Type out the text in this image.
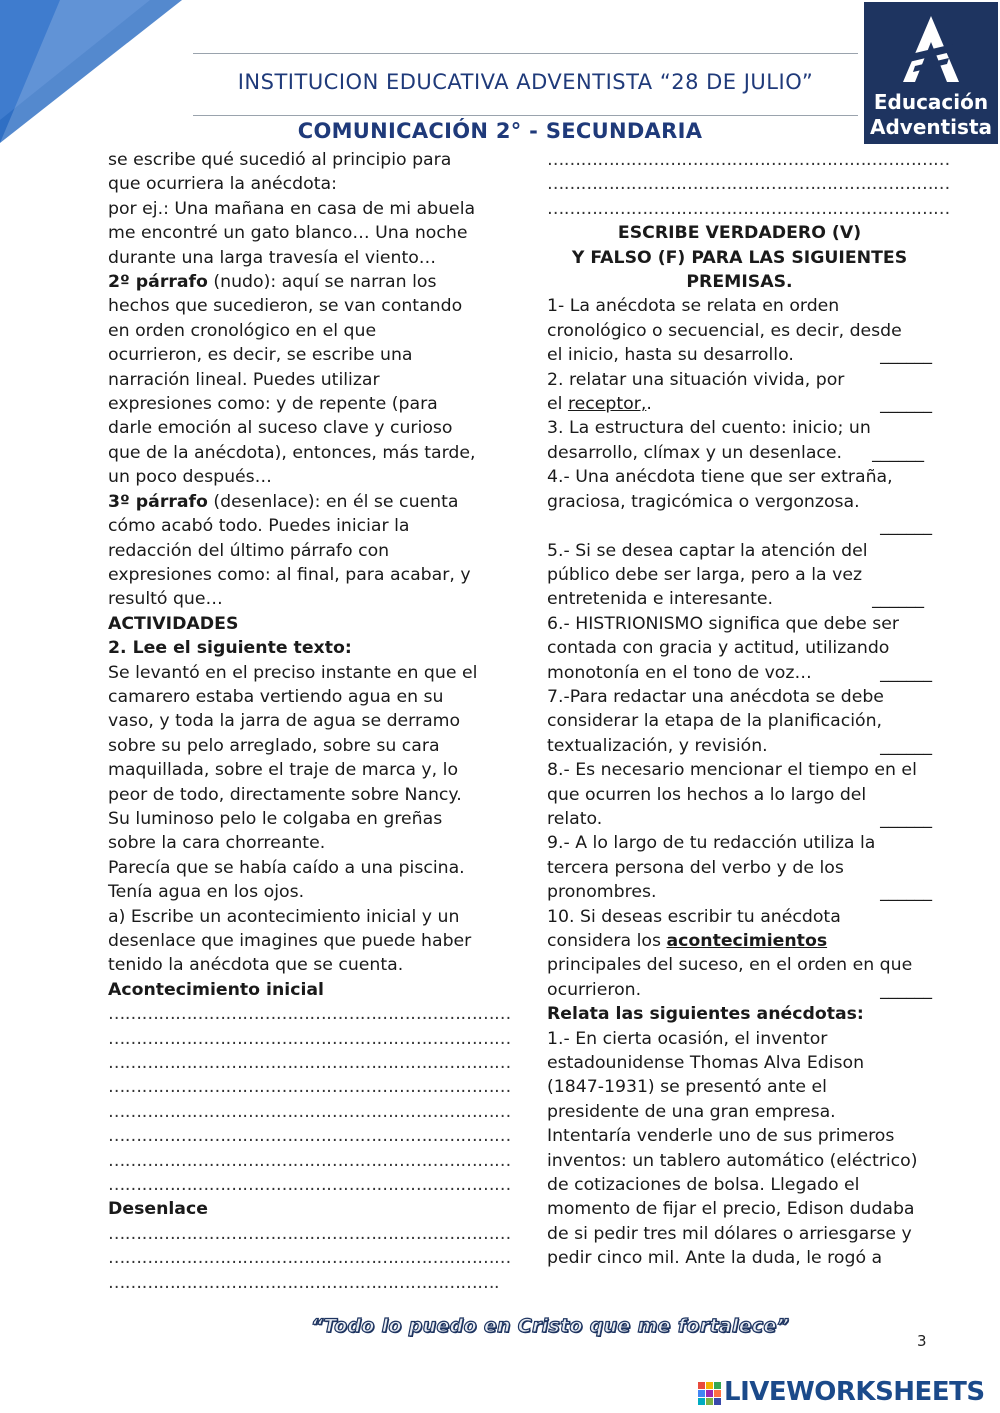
INSTITUCION EDUCATIVA ADVENTISTA “28 DE JULIO”
COMUNICACIÓN 2° - SECUNDARIA
Educación
Adventista

se escribe qué sucedió al principio para

que ocurriera la anécdota:

por ej.: Una mañana en casa de mi abuela

me encontré un gato blanco… Una noche

durante una larga travesía el viento…

2º párrafo (nudo): aquí se narran los

hechos que sucedieron, se van contando

en orden cronológico en el que

ocurrieron, es decir, se escribe una

narración lineal. Puedes utilizar

expresiones como: y de repente (para

darle emoción al suceso clave y curioso

que de la anécdota), entonces, más tarde,

un poco después…

3º párrafo (desenlace): en él se cuenta

cómo acabó todo. Puedes iniciar la

redacción del último párrafo con

expresiones como: al final, para acabar, y

resultó que…

ACTIVIDADES

2. Lee el siguiente texto:

Se levantó en el preciso instante en que el

camarero estaba vertiendo agua en su

vaso, y toda la jarra de agua se derramo

sobre su pelo arreglado, sobre su cara

maquillada, sobre el traje de marca y, lo

peor de todo, directamente sobre Nancy.

Su luminoso pelo le colgaba en greñas

sobre la cara chorreante.

Parecía que se había caído a una piscina.

Tenía agua en los ojos.

a) Escribe un acontecimiento inicial y un

desenlace que imagines que puede haber

tenido la anécdota que se cuenta.

Acontecimiento inicial

………………………………………………………………

………………………………………………………………

………………………………………………………………

………………………………………………………………

………………………………………………………………

………………………………………………………………

………………………………………………………………

………………………………………………………………

Desenlace

………………………………………………………………

………………………………………………………………

…………………………………………………………….

………………………………………………………………

………………………………………………………………

………………………………………………………………

ESCRIBE VERDADERO (V)

Y FALSO (F) PARA LAS SIGUIENTES

PREMISAS.

1- La anécdota se relata en orden

cronológico o secuencial, es decir, desde

el inicio, hasta su desarrollo.	______

2. relatar una situación vivida, por

el receptor,.	______

3. La estructura del cuento: inicio; un

desarrollo, clímax y un desenlace. ______

4.- Una anécdota tiene que ser extraña,

graciosa, tragicómica o vergonzosa.

______

5.- Si se desea captar la atención del

público debe ser larga, pero a la vez

entretenida e interesante.	______

6.- HISTRIONISMO significa que debe ser

contada con gracia y actitud, utilizando

monotonía en el tono de voz…	______

7.-Para redactar una anécdota se debe

considerar la etapa de la planificación,

textualización, y revisión.	______

8.- Es necesario mencionar el tiempo en el

que ocurren los hechos a lo largo del

relato.	______

9.- A lo largo de tu redacción utiliza la

tercera persona del verbo y de los

pronombres.	______

10. Si deseas escribir tu anécdota

considera los acontecimientos

principales del suceso, en el orden en que

ocurrieron.	______

Relata las siguientes anécdotas:

1.- En cierta ocasión, el inventor

estadounidense Thomas Alva Edison

(1847-1931) se presentó ante el

presidente de una gran empresa.

Intentaría venderle uno de sus primeros

inventos: un tablero automático (eléctrico)

de cotizaciones de bolsa. Llegado el

momento de fijar el precio, Edison dudaba

de si pedir tres mil dólares o arriesgarse y

pedir cinco mil. Ante la duda, le rogó a

“Todo lo puedo en Cristo que me fortalece”
3
LIVEWORKSHEETS
